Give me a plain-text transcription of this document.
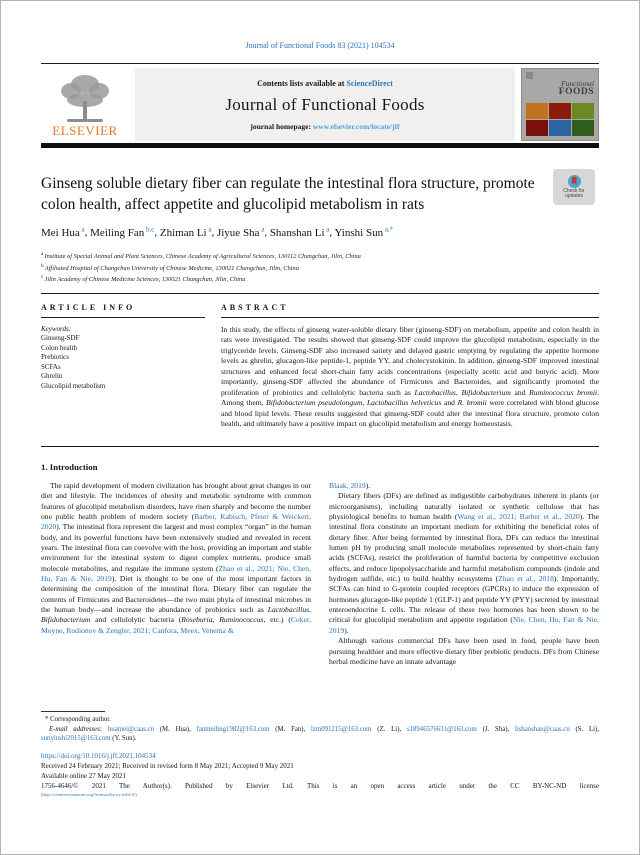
Journal of Functional Foods 83 (2021) 104534
ELSEVIER
Contents lists available at ScienceDirect
Journal of Functional Foods
journal homepage: www.elsevier.com/locate/jff
Functional
FOODS
Ginseng soluble dietary fiber can regulate the intestinal flora structure, promote colon health, affect appetite and glucolipid metabolism in rats
Check for
updates
Mei Hua $^a$, Meiling Fan $^{b,c}$, Zhiman Li $^a$, Jiyue Sha $^a$, Shanshan Li $^a$, Yinshi Sun $^{a,*}$
$^a$ Institute of Special Animal and Plant Sciences, Chinese Academy of Agricultural Sciences, 130112 Changchun, Jilin, China
$^b$ Affiliated Hospital of Changchun University of Chinese Medicine, 130021 Changchun, Jilin, China
$^c$ Jilin Academy of Chinese Medicine Sciences, 130021 Changchun, Jilin, China
ARTICLE INFO
Keywords:
Ginseng-SDF
Colon health
Prebiotics
SCFAs
Ghrelin
Glucolipid metabolism
ABSTRACT
In this study, the effects of ginseng water-soluble dietary fiber (ginseng-SDF) on metabolism, appetite and colon health in rats were investigated. The results showed that ginseng-SDF could improve the glucolipid metabolism, especially in the triglyceride levels. Ginseng-SDF also increased satiety and delayed gastric emptying by regulating the appetite hormone levels as ghrelin, glucagon-like peptide-1, peptide YY, and cholecystokinin. In addition, ginseng-SDF improved intestinal structures and enhanced fecal short-chain fatty acids concentrations (especially acetic acid and butyric acid). More importantly, ginseng-SDF affected the abundance of Firmicutes and Bacteroides, and significantly promoted the proliferation of probiotics and cellulolytic bacteria such as Lactobacillus, Bifidobacterium and Ruminococcus bromii. Among them, Bifidobacterium pseudolongum, Lactobacillus helveticus and R. bromii were correlated with blood glucose and blood lipid levels. These results suggested that ginseng-SDF could alter the intestinal flora structure, promote colon health, and ultimately have a positive impact on glucolipid metabolism and energy homeostasis.
1. Introduction

The rapid development of modern civilization has brought about great changes in our diet and lifestyle. The incidences of obesity and metabolic syndrome with common features of glucolipid metabolism disorders, have risen sharply and become the number one public health problem of modern society (Barber, Kabisch, Pfeier & Weickert, 2020). The intestinal flora represent the largest and most complex “organ” in the human body, and its powerful functions have been extensively studied and revealed in recent years. The intestinal flora can coevolve with the host, providing an important and stable environment for the intestinal system to digest complex nutrients, produce small molecule metabolites, and regulate the immune system (Zhao et al., 2021; Nie, Chen, Hu, Fan & Nie, 2019). Diet is thought to be one of the most important factors in determining the composition of the intestinal flora. Dietary fiber can regulate the contents of Firmicutes and Bacteroidetes—the two main phyla of intestinal microbes in the human body—and increase the abundance of probiotics such as Lactobacillus, Bifidobacterium and cellulolytic bacteria (Roseburia, Ruminococcus, etc.) (Coker, Moyne, Rodionov & Zengler, 2021; Canfora, Meex, Venema &

Blaak, 2019).

Dietary fibers (DFs) are defined as indigestible carbohydrates inherent in plants (or microorganisms), including naturally isolated or synthetic cellulose that has physiological benefits to human health (Wang et al., 2021; Barber et al., 2020). The intestinal flora constitute an important medium for exhibiting the beneficial roles of dietary fiber. After being fermented by intestinal flora, DFs can reduce the intestinal lumen pH by producing small molecule metabolites represented by short-chain fatty acids (SCFAs), restrict the proliferation of harmful bacteria by competitive exclusion effects, and reduce lipopolysaccharide and harmful metabolism compounds (indole and hydrogen sulfide, etc.) to build healthy ecosystems (Zhao et al., 2018). Importantly, SCFAs can bind to G-protein coupled receptors (GPCRs) to induce the expression of hormones glucagon-like peptide 1 (GLP-1) and peptide YY (PYY) secreted by intestinal enteroendocrine L cells. The release of these two hormones has been shown to be critical for glucolipid metabolism and appetite regulation (Nie, Chen, Hu, Fan & Nie, 2019).

Although various commercial DFs have been used in food, people have been pursuing healthier and more effective dietary fiber prebiotic products. DFs from Chinese herbal medicine have an innate advantage

* Corresponding author.
E-mail addresses: huamei@caas.cn (M. Hua), fanmeiling1982@163.com (M. Fan), lzm091215@163.com (Z. Li), s18946576631@163.com (J. Sha), lishanshan@caas.cn (S. Li), sunyinshi2015@163.com (Y. Sun).
https://doi.org/10.1016/j.jff.2021.104534
Received 24 February 2021; Received in revised form 8 May 2021; Accepted 9 May 2021
Available online 27 May 2021
1756-4646/© 2021 The Author(s). Published by Elsevier Ltd. This is an open access article under the CC BY-NC-ND license
(http://creativecommons.org/licenses/by-nc-nd/4.0/).
